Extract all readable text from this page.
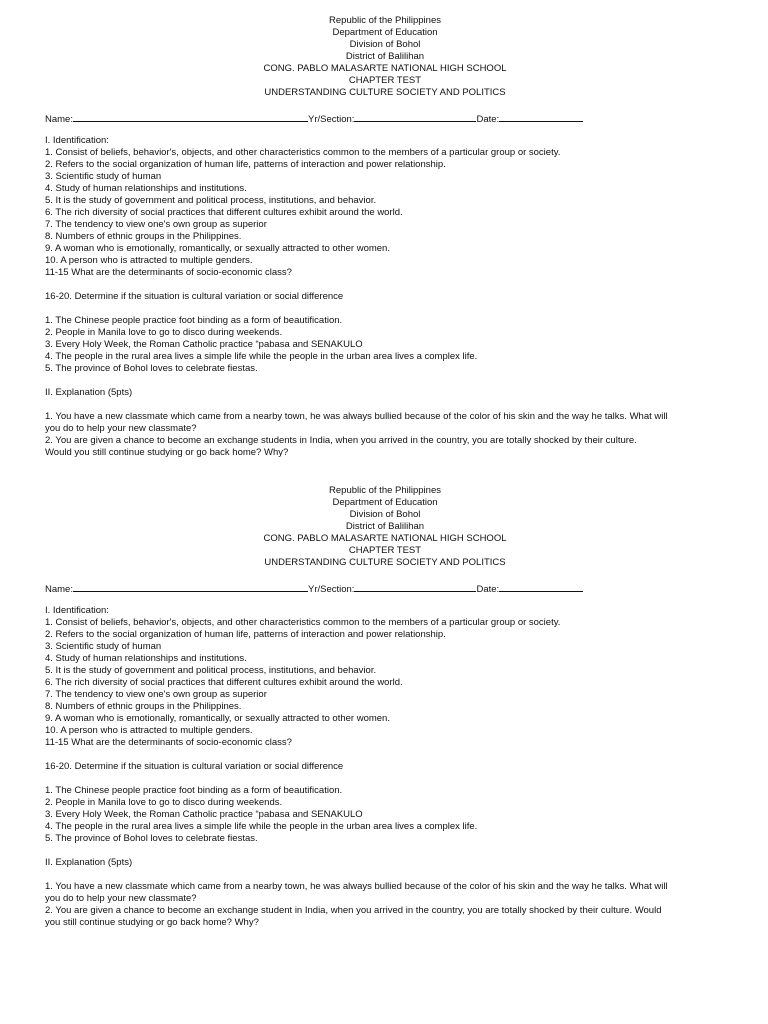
Republic of the Philippines
Department of Education
Division of Bohol
District of Balilihan
CONG. PABLO MALASARTE NATIONAL HIGH SCHOOL
CHAPTER TEST
UNDERSTANDING CULTURE SOCIETY AND POLITICS
Name:	Yr/Section:	Date:
I. Identification:
1. Consist of beliefs, behavior's, objects, and other characteristics common to the members of a particular group or society.
2. Refers to the social organization of human life, patterns of interaction and power relationship.
3. Scientific study of human
4. Study of human relationships and institutions.
5. It is the study of government and political process, institutions, and behavior.
6. The rich diversity of social practices that different cultures exhibit around the world.
7. The tendency to view one's own group as superior
8. Numbers of ethnic groups in the Philippines.
9. A woman who is emotionally, romantically, or sexually attracted to other women.
10. A person who is attracted to multiple genders.
11-15 What are the determinants of socio-economic class?
16-20. Determine if the situation is cultural variation or social difference
1. The Chinese people practice foot binding as a form of beautification.
2. People in Manila love to go to disco during weekends.
3. Every Holy Week, the Roman Catholic practice “pabasa and SENAKULO
4. The people in the rural area lives a simple life while the people in the urban area lives a complex life.
5. The province of Bohol loves to celebrate fiestas.
II. Explanation (5pts)
1. You have a new classmate which came from a nearby town, he was always bullied because of the color of his skin and the way he talks. What will
you do to help your new classmate?
2. You are given a chance to become an exchange students in India, when you arrived in the country, you are totally shocked by their culture.
Would you still continue studying or go back home? Why?
Republic of the Philippines
Department of Education
Division of Bohol
District of Balilihan
CONG. PABLO MALASARTE NATIONAL HIGH SCHOOL
CHAPTER TEST
UNDERSTANDING CULTURE SOCIETY AND POLITICS
Name:	Yr/Section:	Date:
I. Identification:
1. Consist of beliefs, behavior's, objects, and other characteristics common to the members of a particular group or society.
2. Refers to the social organization of human life, patterns of interaction and power relationship.
3. Scientific study of human
4. Study of human relationships and institutions.
5. It is the study of government and political process, institutions, and behavior.
6. The rich diversity of social practices that different cultures exhibit around the world.
7. The tendency to view one's own group as superior
8. Numbers of ethnic groups in the Philippines.
9. A woman who is emotionally, romantically, or sexually attracted to other women.
10. A person who is attracted to multiple genders.
11-15 What are the determinants of socio-economic class?
16-20. Determine if the situation is cultural variation or social difference
1. The Chinese people practice foot binding as a form of beautification.
2. People in Manila love to go to disco during weekends.
3. Every Holy Week, the Roman Catholic practice “pabasa and SENAKULO
4. The people in the rural area lives a simple life while the people in the urban area lives a complex life.
5. The province of Bohol loves to celebrate fiestas.
II. Explanation (5pts)
1. You have a new classmate which came from a nearby town, he was always bullied because of the color of his skin and the way he talks. What will
you do to help your new classmate?
2. You are given a chance to become an exchange student in India, when you arrived in the country, you are totally shocked by their culture. Would
you still continue studying or go back home? Why?
